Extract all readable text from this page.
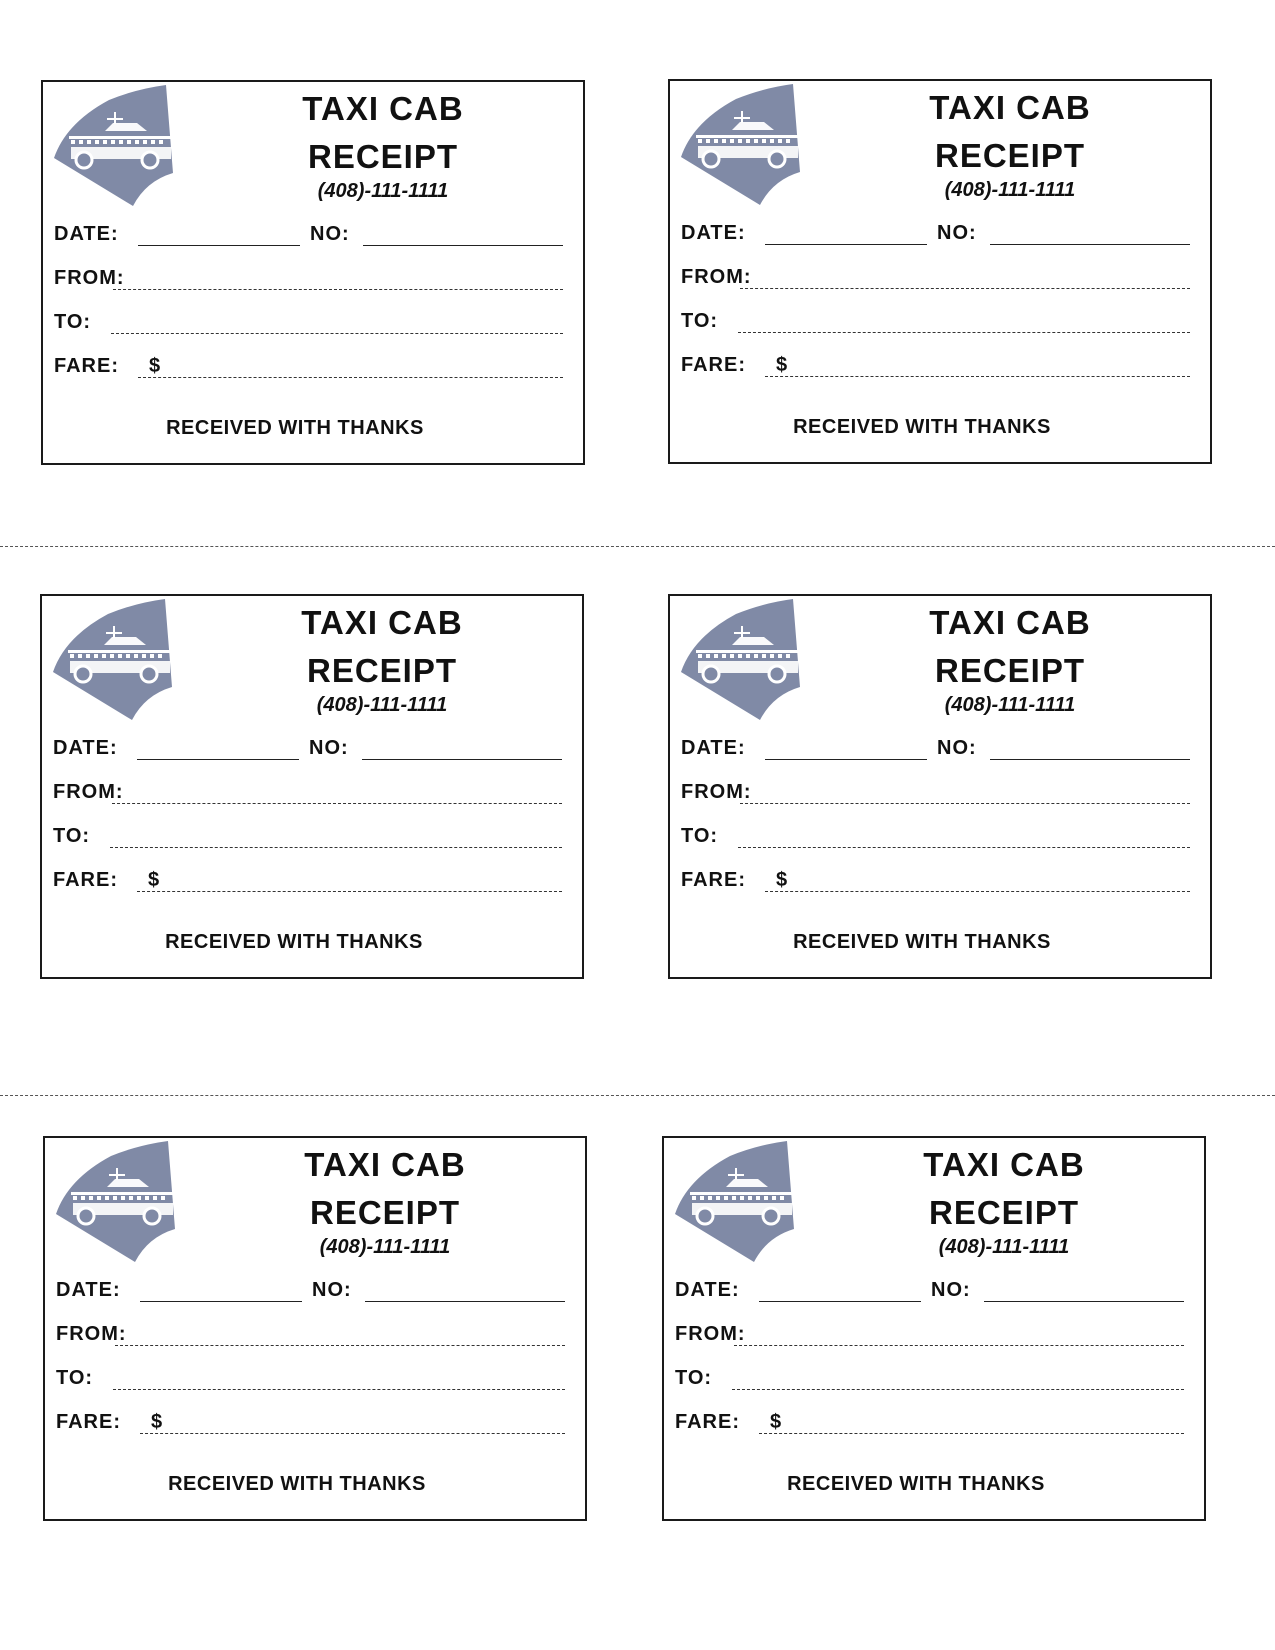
TAXI CAB
RECEIPT
(408)-111-1111
DATE:	NO:
FROM:
TO:
FARE: $
RECEIVED WITH THANKS
TAXI CAB
RECEIPT
(408)-111-1111
DATE:	NO:
FROM:
TO:
FARE: $
RECEIVED WITH THANKS
TAXI CAB
RECEIPT
(408)-111-1111
DATE:	NO:
FROM:
TO:
FARE: $
RECEIVED WITH THANKS
TAXI CAB
RECEIPT
(408)-111-1111
DATE:	NO:
FROM:
TO:
FARE: $
RECEIVED WITH THANKS
TAXI CAB
RECEIPT
(408)-111-1111
DATE:	NO:
FROM:
TO:
FARE: $
RECEIVED WITH THANKS
TAXI CAB
RECEIPT
(408)-111-1111
DATE:	NO:
FROM:
TO:
FARE: $
RECEIVED WITH THANKS
